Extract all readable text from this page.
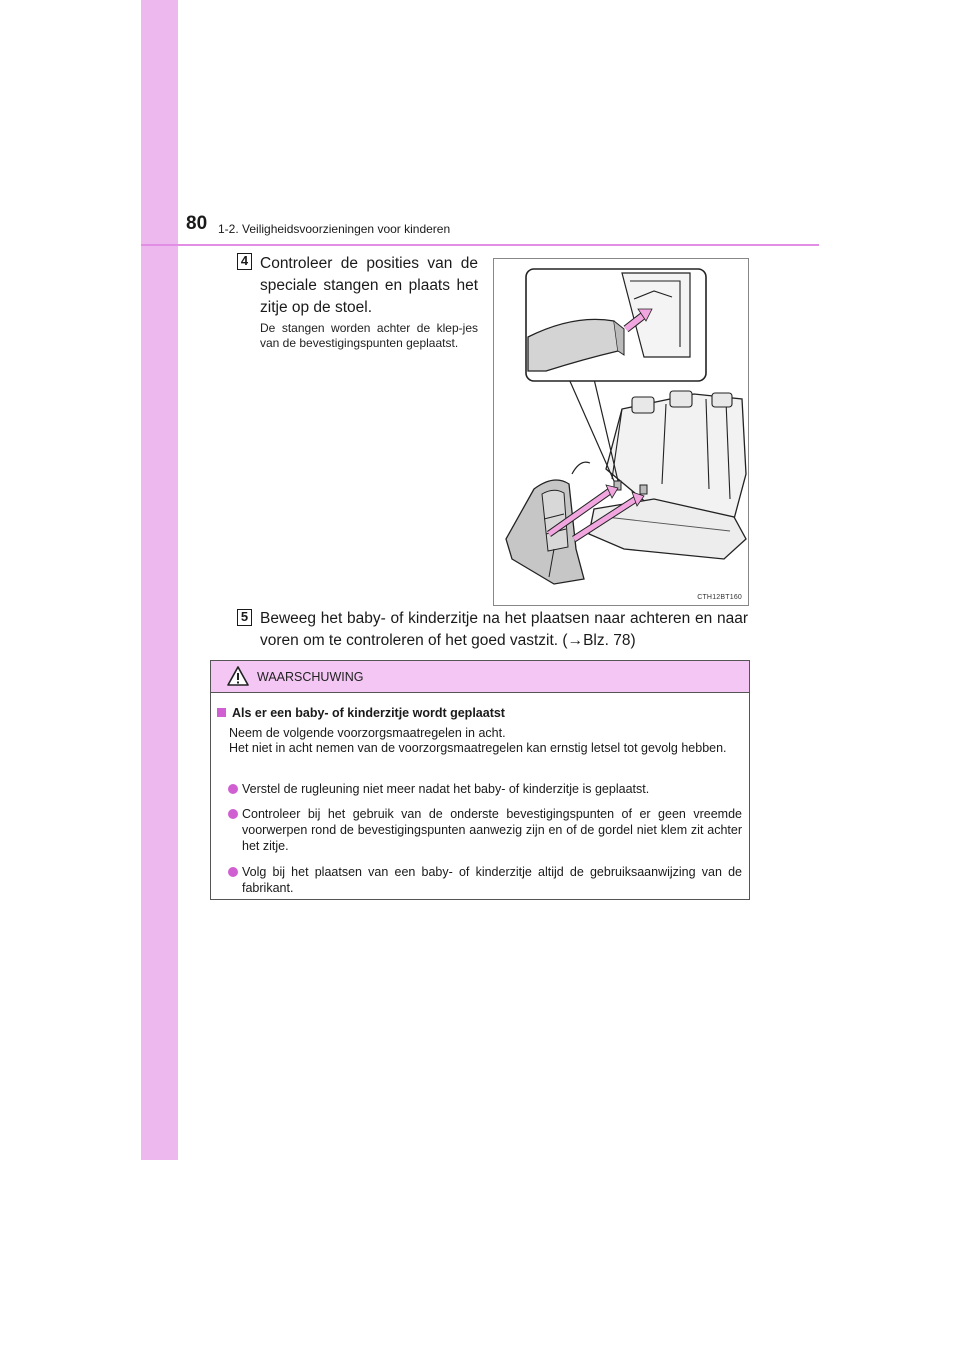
80 1-2. Veiligheidsvoorzieningen voor kinderen
4 Controleer de posities van de speciale stangen en plaats het zitje op de stoel.
De stangen worden achter de klep-jes van de bevestigingspunten geplaatst.
CTH12BT160
5 Beweeg het baby- of kinderzitje na het plaatsen naar achteren en naar voren om te controleren of het goed vastzit. (→Blz. 78)
WAARSCHUWING
Als er een baby- of kinderzitje wordt geplaatst
Neem de volgende voorzorgsmaatregelen in acht.
Het niet in acht nemen van de voorzorgsmaatregelen kan ernstig letsel tot gevolg hebben.
Verstel de rugleuning niet meer nadat het baby- of kinderzitje is geplaatst.
Controleer bij het gebruik van de onderste bevestigingspunten of er geen vreemde voorwerpen rond de bevestigingspunten aanwezig zijn en of de gordel niet klem zit achter het zitje.
Volg bij het plaatsen van een baby- of kinderzitje altijd de gebruiksaanwijzing van de fabrikant.
